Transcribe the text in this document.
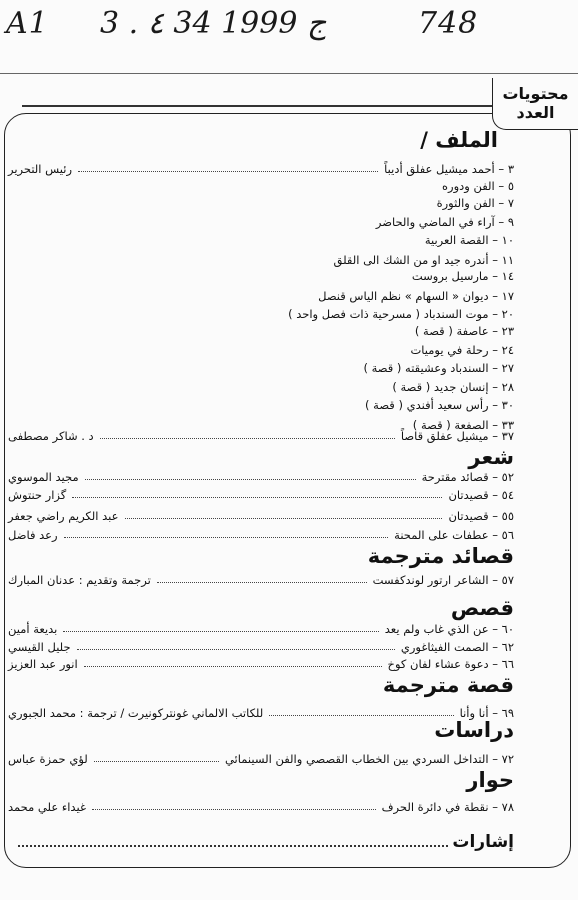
A1 3 . ٤ 34 ج 1999	748
محتويات
العدد
الملف /
٣ – أحمد ميشيل عفلق أديباً
رئيس التحرير
٥ – الفن ودوره
٧ – الفن والثورة
٩ – آراء في الماضي والحاضر
١٠ – القصة العربية
١١ – أندره جيد او من الشك الى القلق
١٤ – مارسيل بروست
١٧ – ديوان « السهام » نظم الياس قنصل
٢٠ – موت السندباد ( مسرحية ذات فصل واحد )
٢٣ – عاصفة ( قصة )
٢٤ – رحلة في يوميات
٢٧ – السندباد وعشيقته ( قصة )
٢٨ – إنسان جديد ( قصة )
٣٠ – رأس سعيد أفندي ( قصة )
٣٣ – الصفعة ( قصة )
٣٧ – ميشيل عفلق قاصاً
د . شاكر مصطفى
شعر
٥٢ – قصائد مقترحة
مجيد الموسوي
٥٤ – قصيدتان
گزار حنتوش
٥٥ – قصيدتان
عبد الكريم راضي جعفر
٥٦ – عطفات على المحنة
رعد فاضل
قصائد مترجمة
٥٧ – الشاعر ارتور لوندكفست
ترجمة وتقديم : عدنان المبارك
قصص
٦٠ – عن الذي غاب ولم يعد
بديعة أمين
٦٢ – الصمت الفيثاغوري
جليل القيسي
٦٦ – دعوة عشاء لفان كوخ
انور عبد العزيز
قصة مترجمة
٦٩ – أنا وأنا
للكاتب الالماني غونتركونيرت / ترجمة : محمد الجبوري
دراسات
٧٢ – التداخل السردي بين الخطاب القصصي والفن السينمائي
لؤي حمزة عباس
حوار
٧٨ – نقطة في دائرة الحرف
غيداء علي محمد
إشارات
